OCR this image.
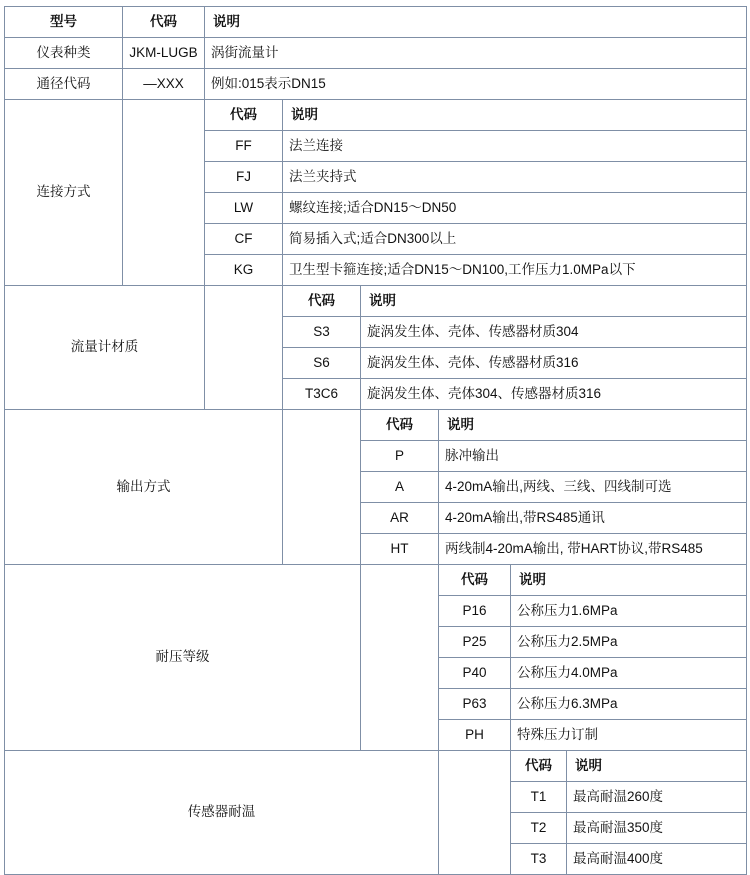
型号	代码	说明					
仪表种类	JKM-LUGB	涡街流量计					
通径代码	—XXX	例如:015表示DN15					
连接方式		代码	说明				
		FF	法兰连接				
		FJ	法兰夹持式				
		LW	螺纹连接;适合DN15～DN50				
		CF	简易插入式;适合DN300以上				
		KG	卫生型卡箍连接;适合DN15～DN100,工作压力1.0MPa以下				
流量计材质			代码	说明			
			S3	旋涡发生体、壳体、传感器材质304			
			S6	旋涡发生体、壳体、传感器材质316			
			T3C6	旋涡发生体、壳体304、传感器材质316			
输出方式				代码	说明		
				P	脉冲输出		
				A	4-20mA输出,两线、三线、四线制可选		
				AR	4-20mA输出,带RS485通讯		
				HT	两线制4-20mA输出, 带HART协议,带RS485		
耐压等级					代码	说明	
					P16	公称压力1.6MPa	
					P25	公称压力2.5MPa	
					P40	公称压力4.0MPa	
					P63	公称压力6.3MPa	
					PH	特殊压力订制	
传感器耐温						代码	说明
						T1	最高耐温260度
						T2	最高耐温350度
						T3	最高耐温400度
